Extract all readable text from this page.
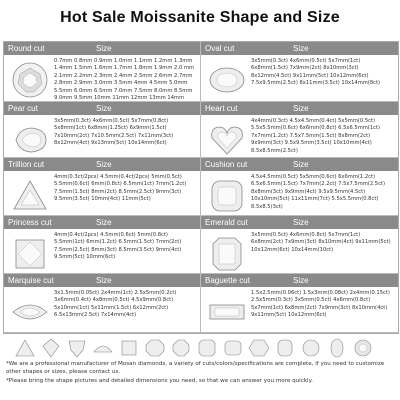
Hot Sale Moissanite Shape and Size
Round cut	Size
0.7mm 0.8mm 0.9mm 1.0mm 1.1mm 1.2mm 1.3mm 1.4mm 1.5mm 1.6mm 1.7mm 1.8mm 1.9mm 2.0 mm 2.1mm 2.2mm 2.3mm 2.4mm 2.5mm 2.6mm 2.7mm 2.8mm 2.9mm 3.0mm 3.5mm 4mm 4.5mm 5.0mm 5.5mm 6.0mm 6.5mm 7.0mm 7.5mm 8.0mm 8.5mm 9.0mm 9.5mm 10mm 11mm 12mm 13mm 14mm
Pear cut	Size
3x5mm(0.3ct) 4x6mm(0.5ct) 5x7mm(0.8ct) 5x8mm(1ct) 6x8mm(1.25ct) 6x9mm(1.5ct) 7x10mm(2ct) 7x10.5mm(2.5ct) 7x11mm(3ct) 8x12mm(4ct) 9x13mm(5ct) 10x14mm(6ct)
Trillion cut	Size
4mm(0.3ct/2pcs) 4.5mm(0.4ct/2pcs) 5mm(0.5ct) 5.5mm(0.6ct) 6mm(0.8ct) 6.5mm(1ct) 7mm(1.2ct) 7.5mm(1.5ct) 8mm(2ct) 8.5mm(2.5ct) 9mm(3ct) 9.5mm(3.5ct) 10mm(4ct) 11mm(5ct)
Princess cut	Size
4mm(0.4ct/2pcs) 4.5mm(0.6ct) 5mm(0.8ct) 5.5mm(1ct) 6mm(1.2ct) 6.5mm(1.5ct) 7mm(2ct) 7.5mm(2.5ct) 8mm(3ct) 8.5mm(3.5ct) 9mm(4ct) 9.5mm(5ct) 10mm(6ct)
Marquise cut	Size
3x1.5mm(0.05ct) 2x4mm(1ct) 2.5x5mm(0.2ct) 3x6mm(0.4ct) 4x8mm(0.5ct) 4.5x9mm(0.8ct) 5x10mm(1ct) 5x11mm(1.5ct) 6x12mm(2ct) 6.5x13mm(2.5ct) 7x14mm(4ct)
Oval cut	Size
3x5mm(0.3ct) 4x6mm(0.5ct) 5x7mm(1ct) 6x8mm(1.5ct) 7x9mm(2ct) 8x10mm(3ct) 8x12mm(4.5ct) 9x11mm(5ct) 10x12mm(6ct) 7.5x9.5mm(2.5ct) 8x11mm(3.5ct) 10x14mm(8ct)
Heart cut	Size
4x4mm(0.3ct) 4.5x4.5mm(0.4ct) 5x5mm(0.5ct) 5.5x5.5mm(0.6ct) 6x6mm(0.8ct) 6.5x6.5mm(1ct) 7x7mm(1.2ct) 7.5x7.5mm(1.5ct) 8x8mm(2ct) 9x9mm(3ct) 9.5x9.5mm(3.5ct) 10x10mm(4ct) 8.5x8.5mm(2.5ct)
Cushion cut	Size
4.5x4.5mm(0.5ct) 5x5mm(0.6ct) 6x6mm(1.2ct) 6.5x6.5mm(1.5ct) 7x7mm(2.2ct) 7.5x7.5mm(2.5ct) 8x8mm(3ct) 9x9mm(4ct) 9.5x9.5mm(4.5ct) 10x10mm(5ct) 11x11mm(7ct) 5.5x5.5mm(0.8ct) 8.5x8.5(3ct)
Emerald cut	Size
3x5mm(0.5ct) 4x6mm(0.8ct) 5x7mm(1ct) 6x8mm(2ct) 7x9mm(3ct) 8x10mm(4ct) 9x11mm(5ct) 10x12mm(6ct) 10x14mm(10ct)
Baguette cut	Size
1.5x2.5mm(0.06ct) 1.5x3mm(0.08ct) 2x4mm(0.15ct) 2.5x5mm(0.3ct) 3x5mm(0.5ct) 4x6mm(0.8ct) 5x7mm(1ct) 6x8mm(2ct) 7x9mm(3ct) 8x10mm(4ct) 9x11mm(5ct) 10x12mm(6ct)

*We are a professional manufacturer of Mosan diamonds, a variety of cuts/colors/specifications are complete, if you need to customize other shapes or sizes, please contact us.

*Please bring the shape pictures and detailed dimensions you need, so that we can answer you more quickly.
